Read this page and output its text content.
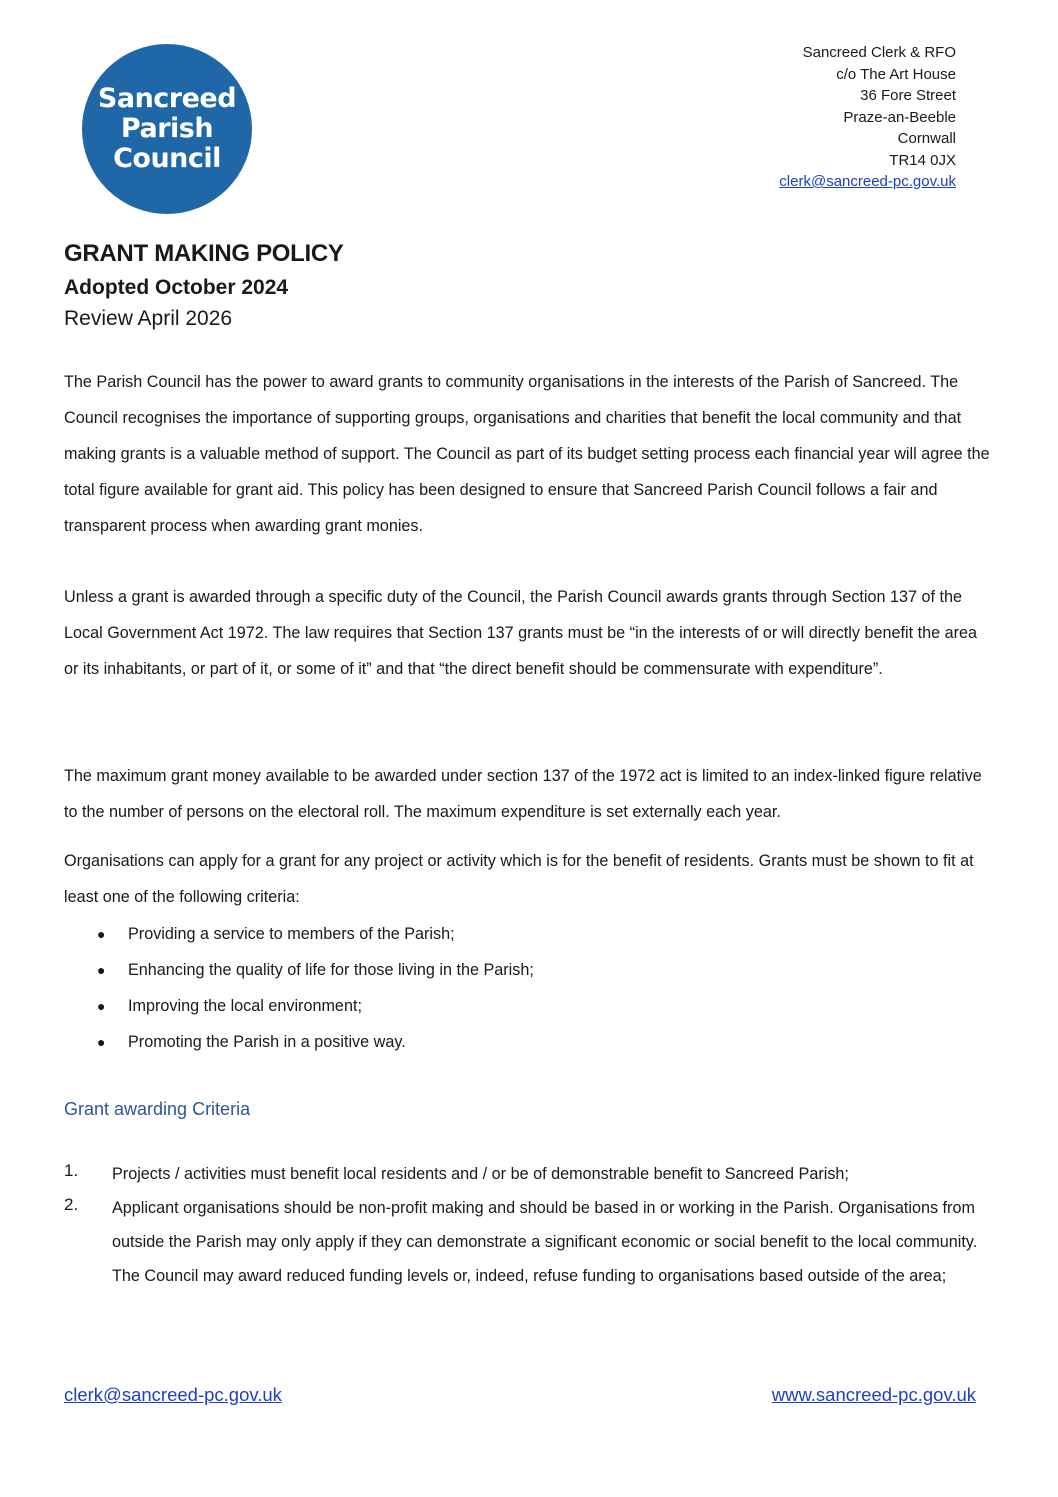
Sancreed
Parish
Council
Sancreed Clerk & RFO
c/o The Art House
36 Fore Street
Praze-an-Beeble
Cornwall
TR14 0JX
clerk@sancreed-pc.gov.uk
GRANT MAKING POLICY
Adopted October 2024
Review April 2026

The Parish Council has the power to award grants to community organisations in the interests of the Parish of Sancreed. The Council recognises the importance of supporting groups, organisations and charities that benefit the local community and that making grants is a valuable method of support. The Council as part of its budget setting process each financial year will agree the total figure available for grant aid. This policy has been designed to ensure that Sancreed Parish Council follows a fair and transparent process when awarding grant monies.

Unless a grant is awarded through a specific duty of the Council, the Parish Council awards grants through Section 137 of the Local Government Act 1972. The law requires that Section 137 grants must be “in the interests of or will directly benefit the area or its inhabitants, or part of it, or some of it” and that “the direct benefit should be commensurate with expenditure”.

The maximum grant money available to be awarded under section 137 of the 1972 act is limited to an index-linked figure relative to the number of persons on the electoral roll. The maximum expenditure is set externally each year.

Organisations can apply for a grant for any project or activity which is for the benefit of residents. Grants must be shown to fit at least one of the following criteria:

● Providing a service to members of the Parish;
● Enhancing the quality of life for those living in the Parish;
● Improving the local environment;
● Promoting the Parish in a positive way.
Grant awarding Criteria
1. Projects / activities must benefit local residents and / or be of demonstrable benefit to Sancreed Parish;
2. Applicant organisations should be non-profit making and should be based in or working in the Parish. Organisations from outside the Parish may only apply if they can demonstrate a significant economic or social benefit to the local community. The Council may award reduced funding levels or, indeed, refuse funding to organisations based outside of the area;
clerk@sancreed-pc.gov.uk	www.sancreed-pc.gov.uk
